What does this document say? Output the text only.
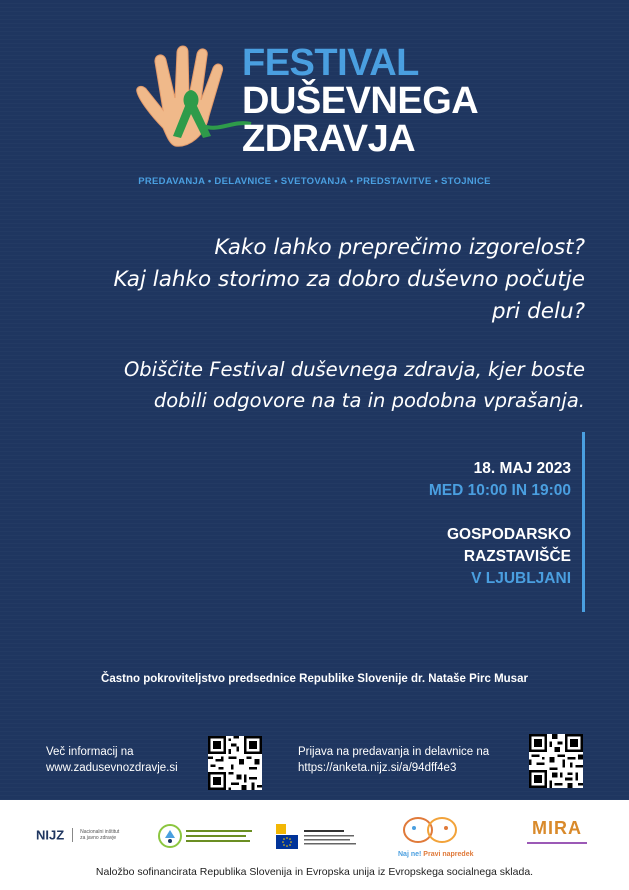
FESTIVAL
DUŠEVNEGA
ZDRAVJA
PREDAVANJA • DELAVNICE • SVETOVANJA • PREDSTAVITVE • STOJNICE
Kako lahko preprečimo izgorelost?
Kaj lahko storimo za dobro duševno počutje
pri delu?
Obiščite Festival duševnega zdravja, kjer boste
dobili odgovore na ta in podobna vprašanja.
18. MAJ 2023
MED 10:00 IN 19:00
GOSPODARSKO
RAZSTAVIŠČE
V LJUBLJANI
Častno pokroviteljstvo predsednice Republike Slovenije dr. Nataše Pirc Musar
Več informacij na
www.zadusevnozdravje.si
Prijava na predavanja in delavnice na
https://anketa.nijz.si/a/94dff4e3
NIJZ	Nacionalni inštitut
za javno zdravje
Naj ne! Pravi napredek
MIRA
Naložbo sofinancirata Republika Slovenija in Evropska unija iz Evropskega socialnega sklada.
